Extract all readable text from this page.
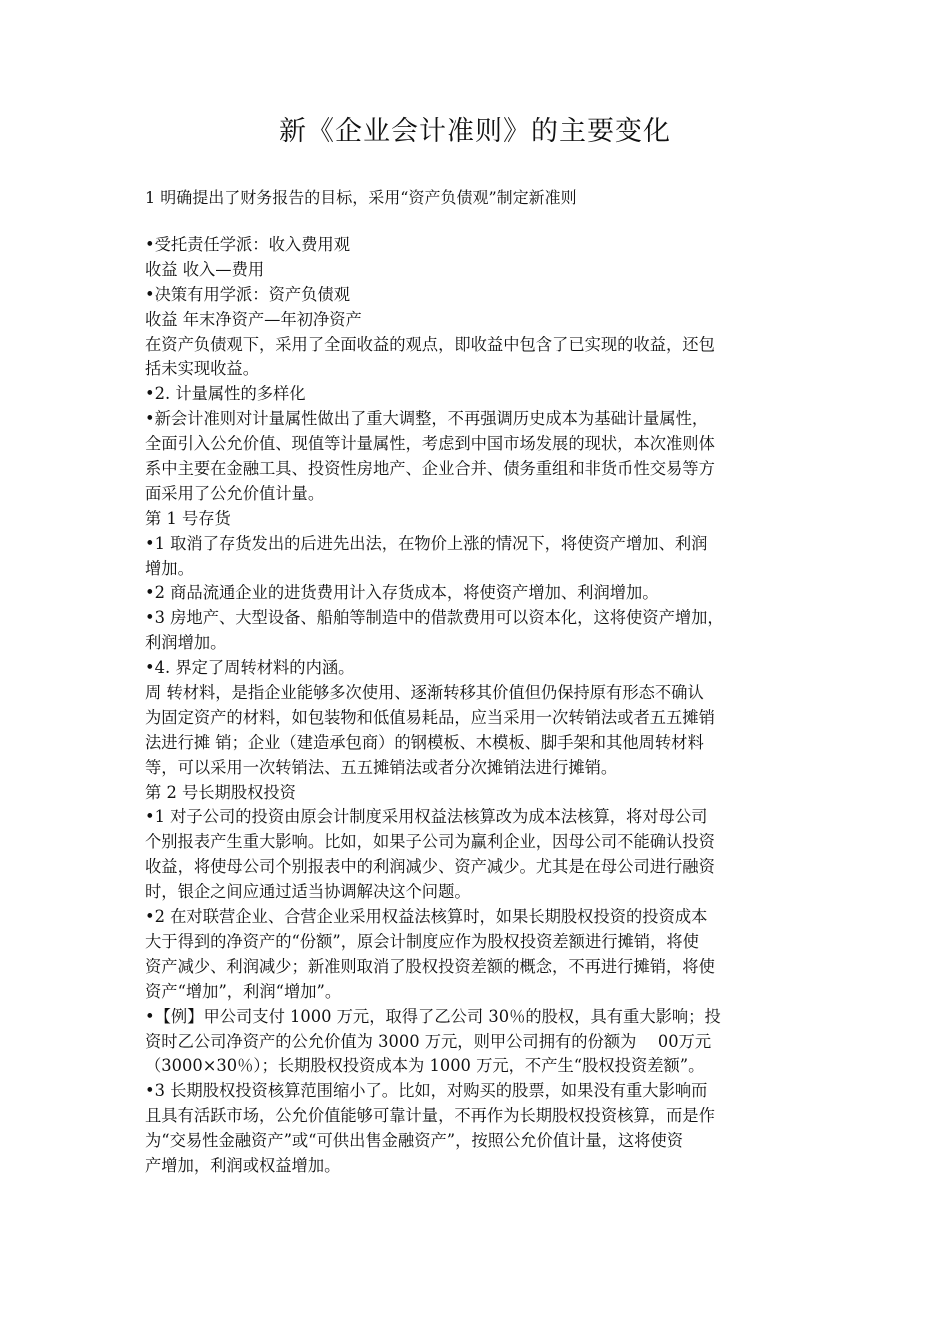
新《企业会计准则》的主要变化
1 明确提出了财务报告的目标，采用“资产负债观”制定新准则
•受托责任学派：收入费用观
收益 收入—费用
•决策有用学派：资产负债观
收益 年末净资产—年初净资产
在资产负债观下，采用了全面收益的观点，即收益中包含了已实现的收益，还包
括未实现收益。
•2. 计量属性的多样化
•新会计准则对计量属性做出了重大调整，不再强调历史成本为基础计量属性，
全面引入公允价值、现值等计量属性，考虑到中国市场发展的现状，本次准则体
系中主要在金融工具、投资性房地产、企业合并、债务重组和非货币性交易等方
面采用了公允价值计量。
第 1 号存货
•1 取消了存货发出的后进先出法，在物价上涨的情况下，将使资产增加、利润
增加。
•2 商品流通企业的进货费用计入存货成本，将使资产增加、利润增加。
•3 房地产、大型设备、船舶等制造中的借款费用可以资本化，这将使资产增加，
利润增加。
•4. 界定了周转材料的内涵。
周 转材料，是指企业能够多次使用、逐渐转移其价值但仍保持原有形态不确认
为固定资产的材料，如包装物和低值易耗品，应当采用一次转销法或者五五摊销
法进行摊 销；企业（建造承包商）的钢模板、木模板、脚手架和其他周转材料
等，可以采用一次转销法、五五摊销法或者分次摊销法进行摊销。
第 2 号长期股权投资
•1 对子公司的投资由原会计制度采用权益法核算改为成本法核算，将对母公司
个别报表产生重大影响。比如，如果子公司为赢利企业，因母公司不能确认投资
收益，将使母公司个别报表中的利润减少、资产减少。尤其是在母公司进行融资
时，银企之间应通过适当协调解决这个问题。
•2 在对联营企业、合营企业采用权益法核算时，如果长期股权投资的投资成本
大于得到的净资产的“份额”，原会计制度应作为股权投资差额进行摊销，将使
资产减少、利润减少；新准则取消了股权投资差额的概念，不再进行摊销，将使
资产“增加”，利润“增加”。
•【例】甲公司支付 1000 万元，取得了乙公司 30％的股权，具有重大影响；投
资时乙公司净资产的公允价值为 3000 万元，则甲公司拥有的份额为　 00万元
（3000×30％）；长期股权投资成本为 1000 万元，不产生“股权投资差额”。
•3 长期股权投资核算范围缩小了。比如，对购买的股票，如果没有重大影响而
且具有活跃市场，公允价值能够可靠计量，不再作为长期股权投资核算，而是作
为“交易性金融资产”或“可供出售金融资产”，按照公允价值计量，这将使资
产增加，利润或权益增加。
